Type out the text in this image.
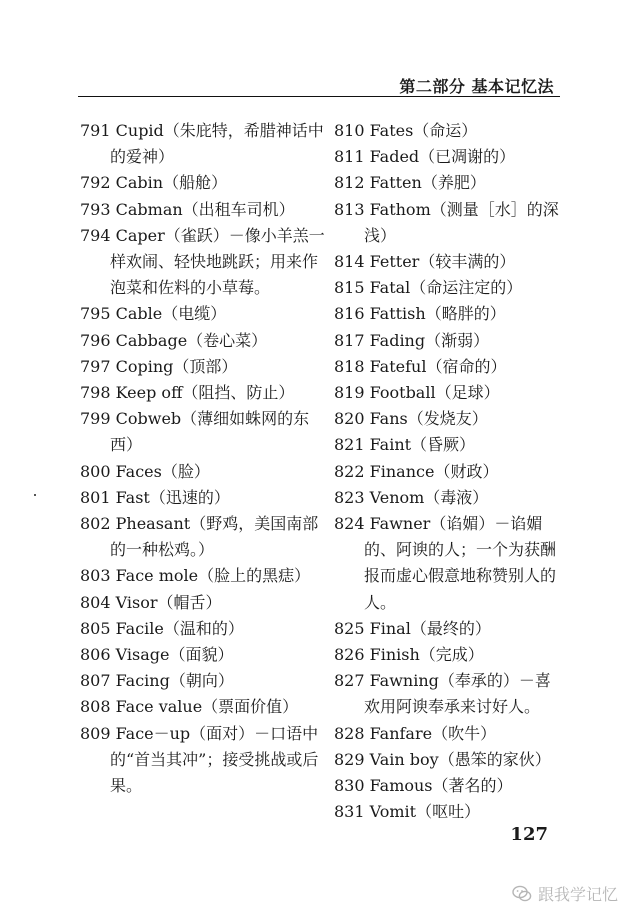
第二部分 基本记忆法
791 Cupid（朱庇特，希腊神话中的爱神）
792 Cabin（船舱）
793 Cabman（出租车司机）
794 Caper（雀跃）－像小羊羔一样欢闹、轻快地跳跃；用来作泡菜和佐料的小草莓。
795 Cable（电缆）
796 Cabbage（卷心菜）
797 Coping（顶部）
798 Keep off（阻挡、防止）
799 Cobweb（薄细如蛛网的东西）
800 Faces（脸）
801 Fast（迅速的）
802 Pheasant（野鸡，美国南部的一种松鸡。）
803 Face mole（脸上的黑痣）
804 Visor（帽舌）
805 Facile（温和的）
806 Visage（面貌）
807 Facing（朝向）
808 Face value（票面价值）
809 Face－up（面对）－口语中的“首当其冲”；接受挑战或后果。
810 Fates（命运）
811 Faded（已凋谢的）
812 Fatten（养肥）
813 Fathom（测量［水］的深浅）
814 Fetter（较丰满的）
815 Fatal（命运注定的）
816 Fattish（略胖的）
817 Fading（渐弱）
818 Fateful（宿命的）
819 Football（足球）
820 Fans（发烧友）
821 Faint（昏厥）
822 Finance（财政）
823 Venom（毒液）
824 Fawner（谄媚）－谄媚的、阿谀的人；一个为获酬报而虚心假意地称赞别人的人。
825 Final（最终的）
826 Finish（完成）
827 Fawning（奉承的）－喜欢用阿谀奉承来讨好人。
828 Fanfare（吹牛）
829 Vain boy（愚笨的家伙）
830 Famous（著名的）
831 Vomit（呕吐）
127
跟我学记忆
